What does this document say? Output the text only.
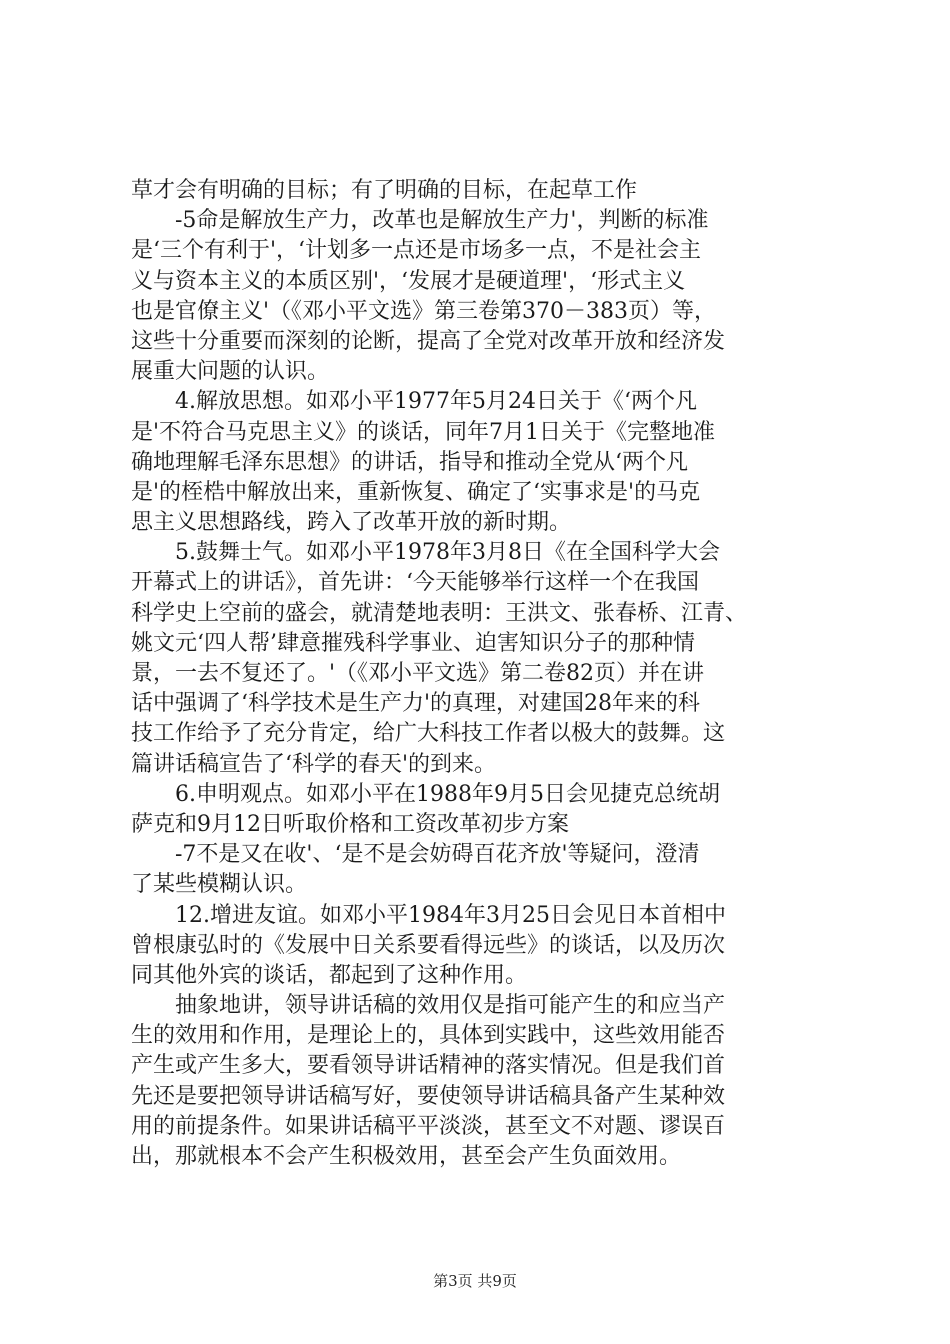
草才会有明确的目标；有了明确的目标，在起草工作
-5命是解放生产力，改革也是解放生产力'，判断的标准
是‘三个有利于'，‘计划多一点还是市场多一点，不是社会主
义与资本主义的本质区别'，‘发展才是硬道理'，‘形式主义
也是官僚主义'（《邓小平文选》第三卷第370－383页）等，
这些十分重要而深刻的论断，提高了全党对改革开放和经济发
展重大问题的认识。
4.解放思想。如邓小平1977年5月24日关于《‘两个凡
是'不符合马克思主义》的谈话，同年7月1日关于《完整地准
确地理解毛泽东思想》的讲话，指导和推动全党从‘两个凡
是'的桎梏中解放出来，重新恢复、确定了‘实事求是'的马克
思主义思想路线，跨入了改革开放的新时期。
5.鼓舞士气。如邓小平1978年3月8日《在全国科学大会
开幕式上的讲话》，首先讲：‘今天能够举行这样一个在我国
科学史上空前的盛会，就清楚地表明：王洪文、张春桥、江青、
姚文元‘四人帮’肆意摧残科学事业、迫害知识分子的那种情
景，一去不复还了。'（《邓小平文选》第二卷82页）并在讲
话中强调了‘科学技术是生产力'的真理，对建国28年来的科
技工作给予了充分肯定，给广大科技工作者以极大的鼓舞。这
篇讲话稿宣告了‘科学的春天'的到来。
6.申明观点。如邓小平在1988年9月5日会见捷克总统胡
萨克和9月12日听取价格和工资改革初步方案
-7不是又在收'、‘是不是会妨碍百花齐放'等疑问，澄清
了某些模糊认识。
12.增进友谊。如邓小平1984年3月25日会见日本首相中
曾根康弘时的《发展中日关系要看得远些》的谈话，以及历次
同其他外宾的谈话，都起到了这种作用。
抽象地讲，领导讲话稿的效用仅是指可能产生的和应当产
生的效用和作用，是理论上的，具体到实践中，这些效用能否
产生或产生多大，要看领导讲话精神的落实情况。但是我们首
先还是要把领导讲话稿写好，要使领导讲话稿具备产生某种效
用的前提条件。如果讲话稿平平淡淡，甚至文不对题、谬误百
出，那就根本不会产生积极效用，甚至会产生负面效用。
第3页 共9页
